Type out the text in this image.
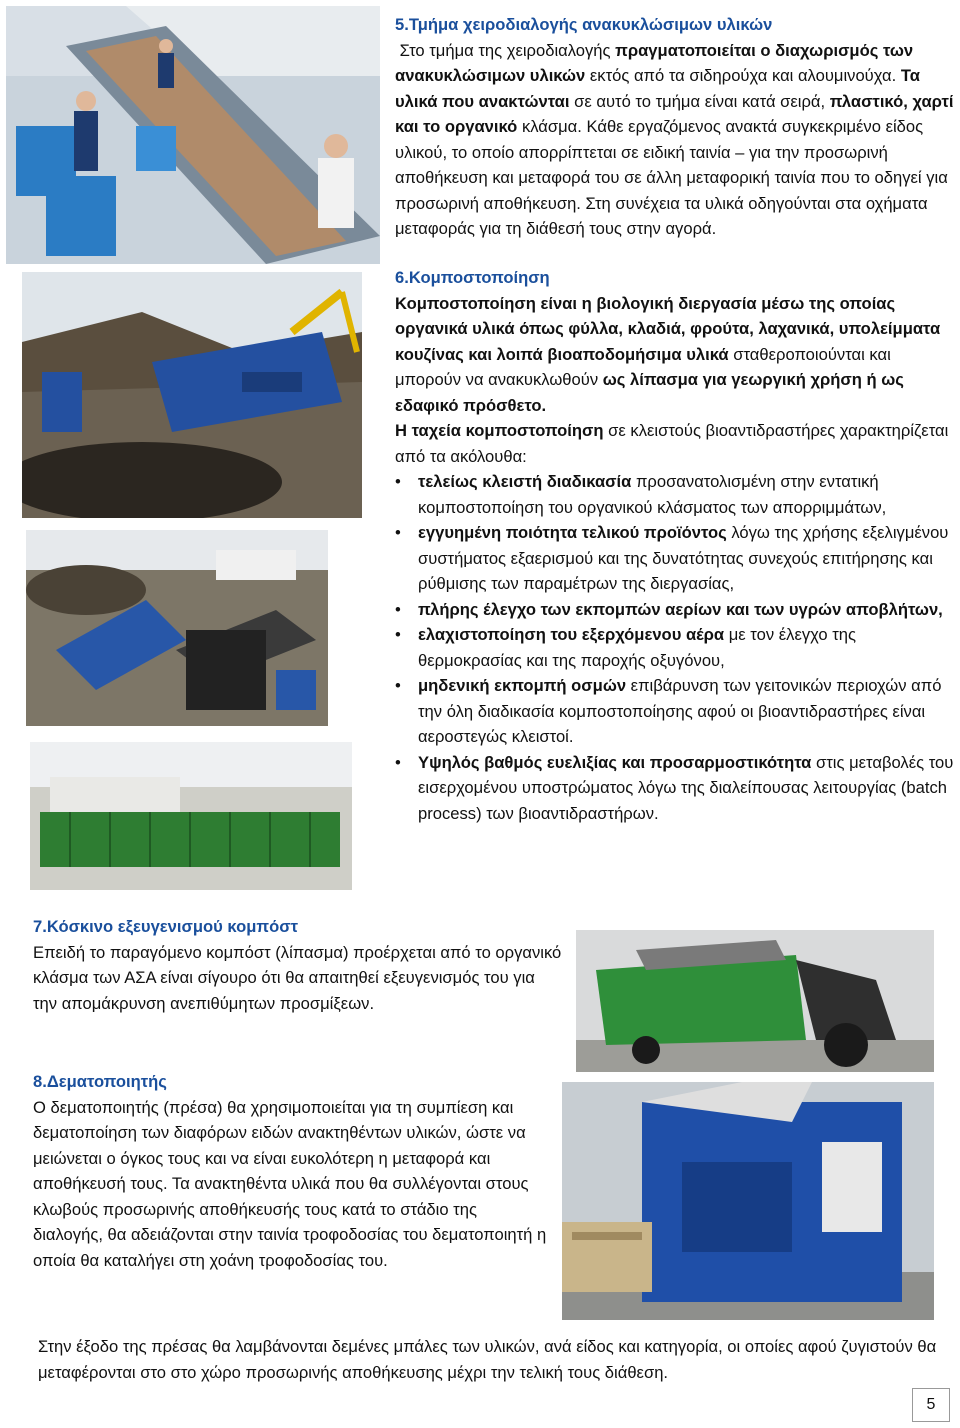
5.Τμήμα χειροδιαλογής ανακυκλώσιμων υλικών
Στο τμήμα της χειροδιαλογής πραγματοποιείται ο διαχωρισμός των ανακυκλώσιμων υλικών εκτός από τα σιδηρούχα και αλουμινούχα. Τα υλικά που ανακτώνται σε αυτό το τμήμα είναι κατά σειρά, πλαστικό, χαρτί και το οργανικό κλάσμα. Κάθε εργαζόμενος ανακτά συγκεκριμένο είδος υλικού, το οποίο απορρίπτεται σε ειδική ταινία – για την προσωρινή αποθήκευση και μεταφορά του σε άλλη μεταφορική ταινία που το οδηγεί για προσωρινή αποθήκευση. Στη συνέχεια τα υλικά οδηγούνται στα οχήματα μεταφοράς για τη διάθεσή τους στην αγορά.
6.Κομποστοποίηση
Κομποστοποίηση είναι η βιολογική διεργασία μέσω της οποίας οργανικά υλικά όπως φύλλα, κλαδιά, φρούτα, λαχανικά, υπολείμματα κουζίνας και λοιπά βιοαποδομήσιμα υλικά σταθεροποιούνται και μπορούν να ανακυκλωθούν ως λίπασμα για γεωργική χρήση ή ως εδαφικό πρόσθετο.
Η ταχεία κομποστοποίηση σε κλειστούς βιοαντιδραστήρες χαρακτηρίζεται από τα ακόλουθα:
• τελείως κλειστή διαδικασία προσανατολισμένη στην εντατική κομποστοποίηση του οργανικού κλάσματος των απορριμμάτων,
• εγγυημένη ποιότητα τελικού προϊόντος λόγω της χρήσης εξελιγμένου συστήματος εξαερισμού και της δυνατότητας συνεχούς επιτήρησης και ρύθμισης των παραμέτρων της διεργασίας,
• πλήρης έλεγχο των εκπομπών αερίων και των υγρών αποβλήτων,
• ελαχιστοποίηση του εξερχόμενου αέρα με τον έλεγχο της θερμοκρασίας και της παροχής οξυγόνου,
• μηδενική εκπομπή οσμών επιβάρυνση των γειτονικών περιοχών από την όλη διαδικασία κομποστοποίησης αφού οι βιοαντιδραστήρες είναι αεροστεγώς κλειστοί.
• Υψηλός βαθμός ευελιξίας και προσαρμοστικότητα στις μεταβολές του εισερχομένου υποστρώματος λόγω της διαλείπουσας λειτουργίας (batch process) των βιοαντιδραστήρων.
7.Κόσκινο εξευγενισμού κομπόστ
Επειδή το παραγόμενο κομπόστ (λίπασμα) προέρχεται από το οργανικό κλάσμα των ΑΣΑ είναι σίγουρο ότι θα απαιτηθεί εξευγενισμός του για την απομάκρυνση ανεπιθύμητων προσμίξεων.
8.Δεματοποιητής
Ο δεματοποιητής (πρέσα) θα χρησιμοποιείται για τη συμπίεση και δεματοποίηση των διαφόρων ειδών ανακτηθέντων υλικών, ώστε να μειώνεται ο όγκος τους και να είναι ευκολότερη η μεταφορά και αποθήκευσή τους. Τα ανακτηθέντα υλικά που θα συλλέγονται στους κλωβούς προσωρινής αποθήκευσής τους κατά το στάδιο της διαλογής, θα αδειάζονται στην ταινία τροφοδοσίας του δεματοποιητή η οποία θα καταλήγει στη χοάνη τροφοδοσίας του.
Στην έξοδο της πρέσας θα λαμβάνονται δεμένες μπάλες των υλικών, ανά είδος και κατηγορία, οι οποίες αφού ζυγιστούν θα μεταφέρονται στο στο χώρο προσωρινής αποθήκευσης μέχρι την τελική τους διάθεση.
5
